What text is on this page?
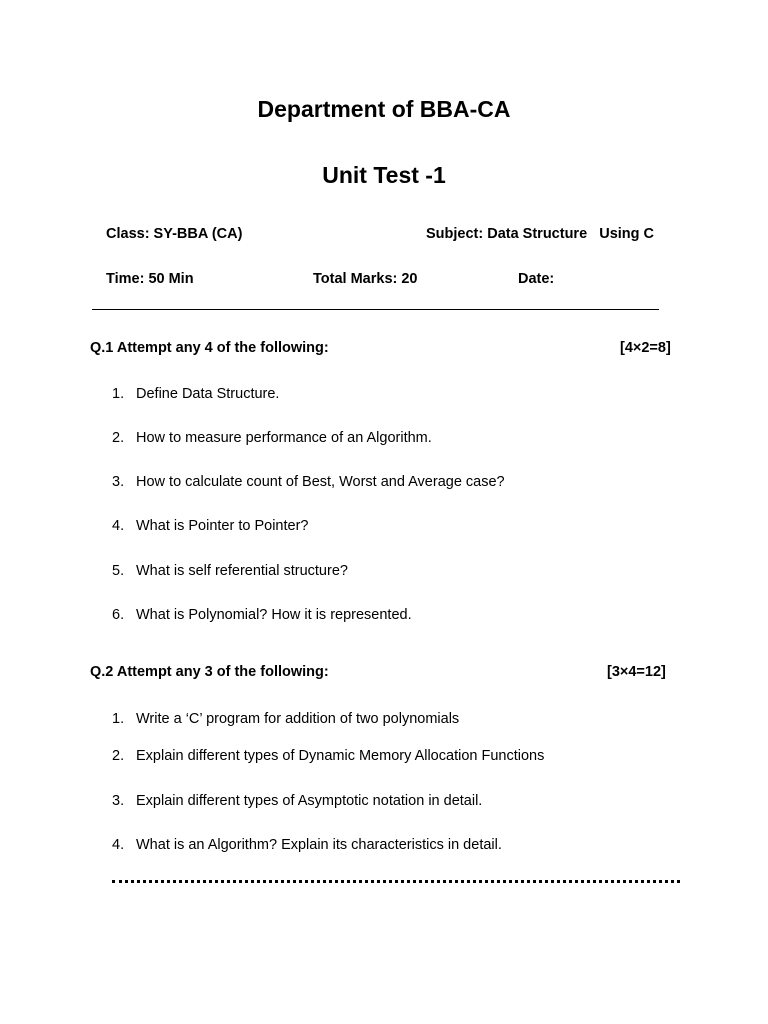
Department of BBA-CA
Unit Test -1
Class: SY-BBA (CA)	Subject: Data Structure   Using C
Time: 50 Min	Total Marks: 20	Date:
Q.1 Attempt any 4 of the following:	[4×2=8]
1. Define Data Structure.
2. How to measure performance of an Algorithm.
3. How to calculate count of Best, Worst and Average case?
4. What is Pointer to Pointer?
5. What is self referential structure?
6. What is Polynomial? How it is represented.
Q.2 Attempt any 3 of the following:	[3×4=12]
1. Write a ‘C’ program for addition of two polynomials
2. Explain different types of Dynamic Memory Allocation Functions
3. Explain different types of Asymptotic notation in detail.
4. What is an Algorithm? Explain its characteristics in detail.
